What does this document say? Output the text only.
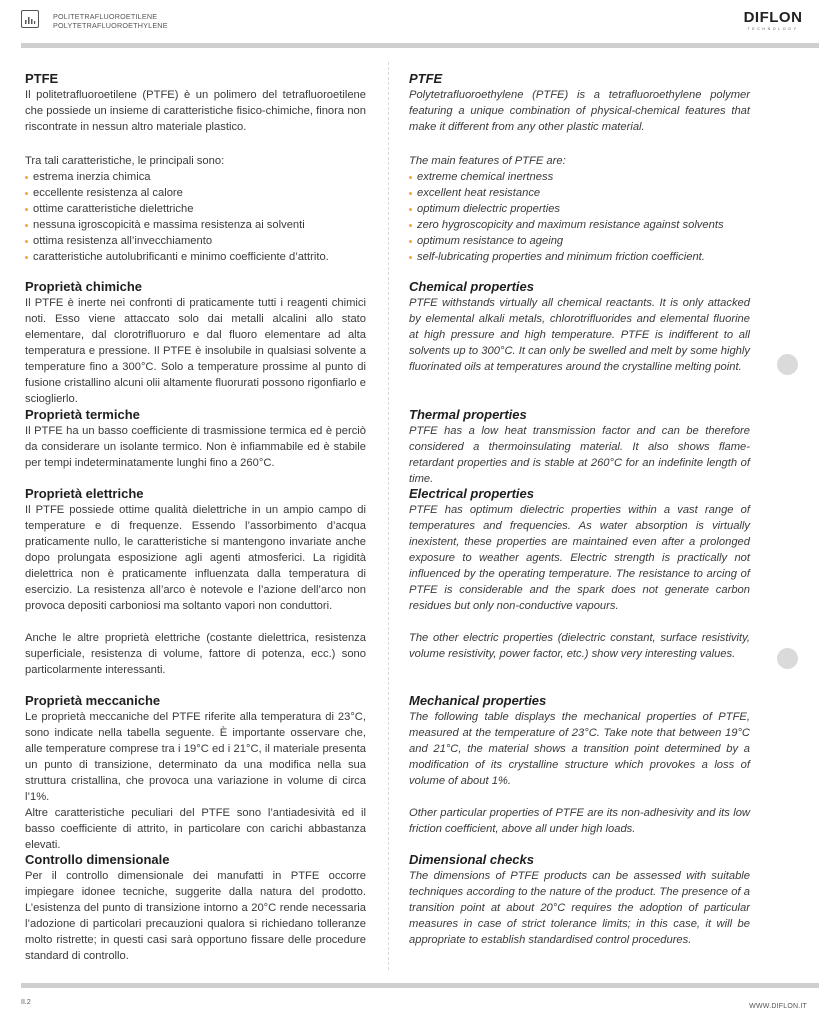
POLITETRAFLUOROETILENE
POLYTETRAFLUOROETHYLENE	DIFLON
TECHNOLOGY
PTFE

Il politetrafluoroetilene (PTFE) è un polimero del tetrafluoroetilene che possiede un insieme di caratteristiche fisico-chimiche, finora non riscontrate in nessun altro materiale plastico.

Tra tali caratteristiche, le principali sono:

estrema inerzia chimica
eccellente resistenza al calore
ottime caratteristiche dielettriche
nessuna igroscopicità e massima resistenza ai solventi
ottima resistenza all’invecchiamento
caratteristiche autolubrificanti e minimo coefficiente d’attrito.
Proprietà chimiche

Il PTFE è inerte nei confronti di praticamente tutti i reagenti chimici noti. Esso viene attaccato solo dai metalli alcalini allo stato elementare, dal clorotrifluoruro e dal fluoro elementare ad alta temperatura e pressione. Il PTFE è insolubile in qualsiasi solvente a temperature fino a 300°C. Solo a temperature prossime al punto di fusione cristallino alcuni olii altamente fluorurati possono rigonfiarlo e scioglierlo.

Proprietà termiche

Il PTFE ha un basso coefficiente di trasmissione termica ed è perciò da considerare un isolante termico. Non è infiammabile ed è stabile per tempi indeterminatamente lunghi fino a 260°C.

Proprietà elettriche

Il PTFE possiede ottime qualità dielettriche in un ampio campo di temperature e di frequenze. Essendo l’assorbimento d’acqua praticamente nullo, le caratteristiche si mantengono invariate anche dopo prolungata esposizione agli agenti atmosferici. La rigidità dielettrica non è praticamente influenzata dalla temperatura di esercizio. La resistenza all’arco è notevole e l’azione dell’arco non provoca depositi carboniosi ma soltanto vapori non conduttori.

Anche le altre proprietà elettriche (costante dielettrica, resistenza superficiale, resistenza di volume, fattore di potenza, ecc.) sono particolarmente interessanti.

Proprietà meccaniche

Le proprietà meccaniche del PTFE riferite alla temperatura di 23°C, sono indicate nella tabella seguente. È importante osservare che, alle temperature comprese tra i 19°C ed i 21°C, il materiale presenta un punto di transizione, determinato da una modifica nella sua struttura cristallina, che provoca una variazione in volume di circa l’1%.

Altre caratteristiche peculiari del PTFE sono l’antiadesività ed il basso coefficiente di attrito, in particolare con carichi abbastanza elevati.

Controllo dimensionale

Per il controllo dimensionale dei manufatti in PTFE occorre impiegare idonee tecniche, suggerite dalla natura del prodotto. L’esistenza del punto di transizione intorno a 20°C rende necessaria l’adozione di particolari precauzioni qualora si richiedano tolleranze molto ristrette; in questi casi sarà opportuno fissare delle procedure standard di controllo.

PTFE

Polytetrafluoroethylene (PTFE) is a tetrafluoroethylene polymer featuring a unique combination of physical-chemical features that make it different from any other plastic material.

The main features of PTFE are:

extreme chemical inertness
excellent heat resistance
optimum dielectric properties
zero hygroscopicity and maximum resistance against solvents
optimum resistance to ageing
self-lubricating properties and minimum friction coefficient.
Chemical properties

PTFE withstands virtually all chemical reactants. It is only attacked by elemental alkali metals, chlorotrifluorides and elemental fluorine at high pressure and high temperature. PTFE is indifferent to all solvents up to 300°C. It can only be swelled and melt by some highly fluorinated oils at temperatures around the crystalline melting point.

Thermal properties

PTFE has a low heat transmission factor and can be therefore considered a thermoinsulating material. It also shows flame-retardant properties and is stable at 260°C for an indefinite length of time.

Electrical properties

PTFE has optimum dielectric properties within a vast range of temperatures and frequencies. As water absorption is virtually inexistent, these properties are maintained even after a prolonged exposure to weather agents. Electric strength is practically not influenced by the operating temperature. The resistance to arcing of PTFE is considerable and the spark does not generate carbon residues but only non-conductive vapours.

The other electric properties (dielectric constant, surface resistivity, volume resistivity, power factor, etc.) show very interesting values.

Mechanical properties

The following table displays the mechanical properties of PTFE, measured at the temperature of 23°C. Take note that between 19°C and 21°C, the material shows a transition point determined by a modification of its crystalline structure which provokes a loss of volume of about 1%.

Other particular properties of PTFE are its non-adhesivity and its low friction coefficient, above all under high loads.

Dimensional checks

The dimensions of PTFE products can be assessed with suitable techniques according to the nature of the product. The presence of a transition point at about 20°C requires the adoption of particular measures in case of strict tolerance limits; in this case, it will be appropriate to establish standardised control procedures.

II.2
WWW.DIFLON.IT
